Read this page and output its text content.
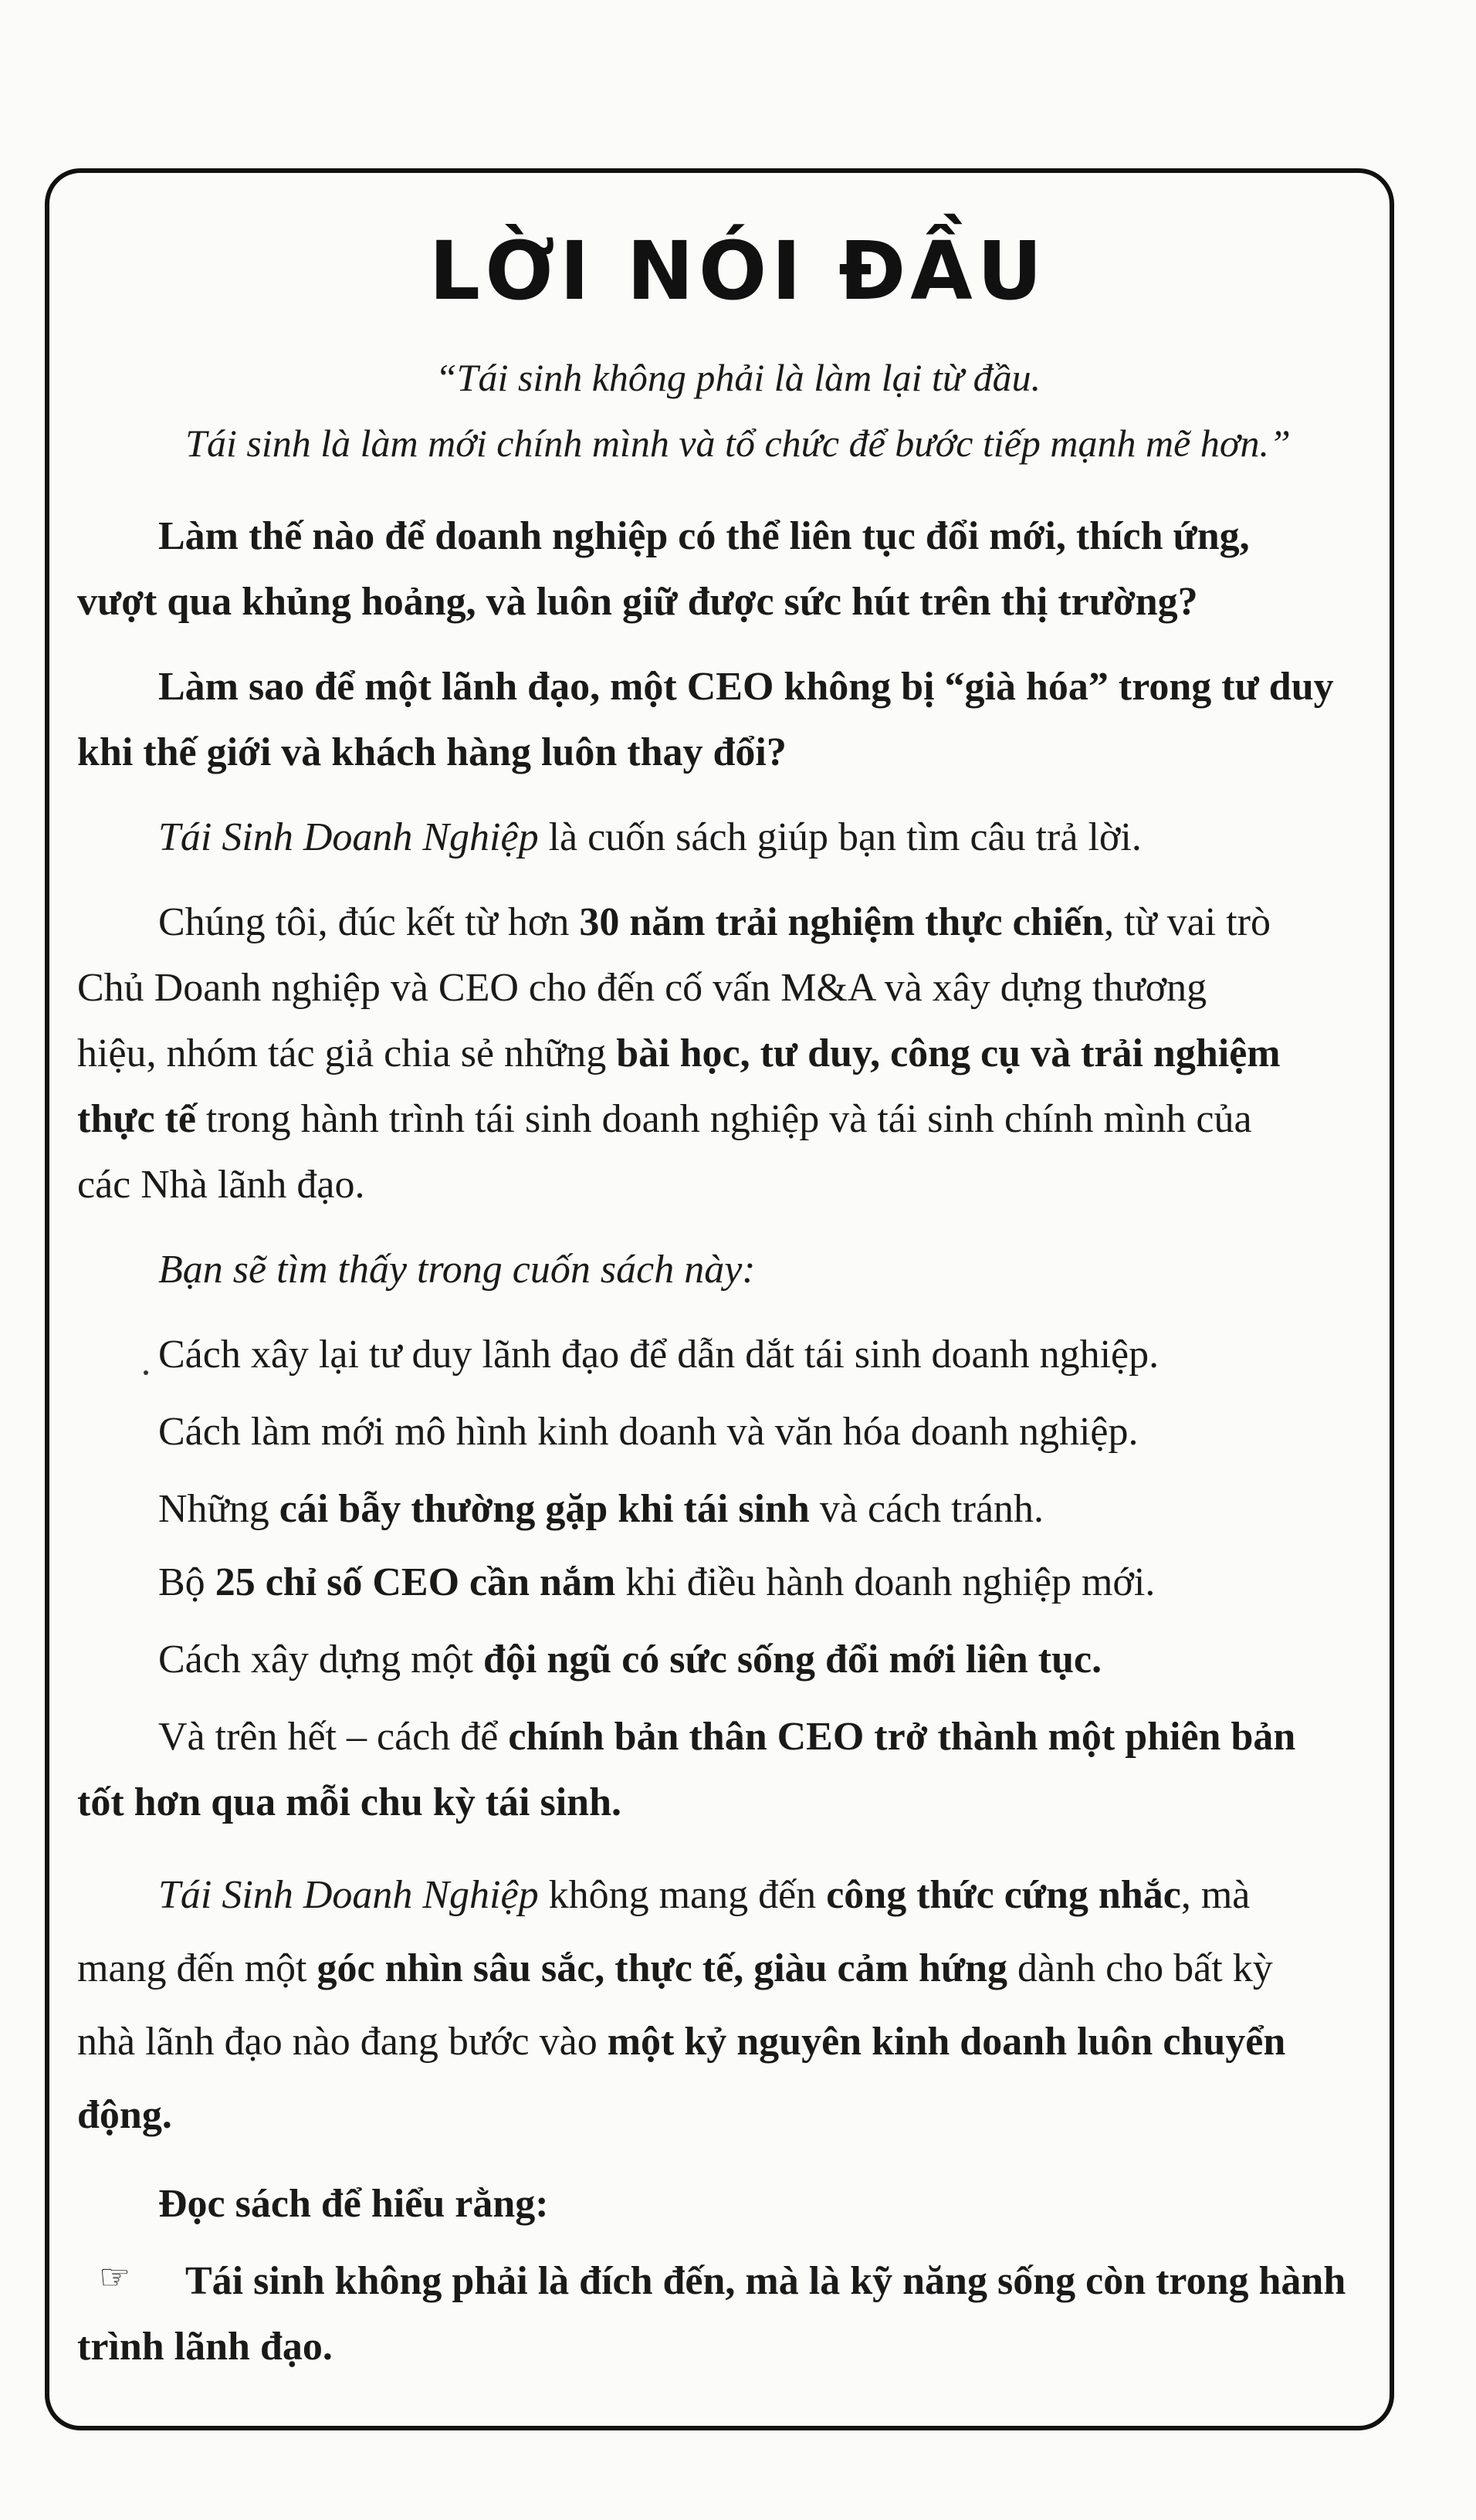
LỜI NÓI ĐẦU
“Tái sinh không phải là làm lại từ đầu.
Tái sinh là làm mới chính mình và tổ chức để bước tiếp mạnh mẽ hơn.”
Làm thế nào để doanh nghiệp có thể liên tục đổi mới, thích ứng,
vượt qua khủng hoảng, và luôn giữ được sức hút trên thị trường?
Làm sao để một lãnh đạo, một CEO không bị “già hóa” trong tư duy
khi thế giới và khách hàng luôn thay đổi?
Tái Sinh Doanh Nghiệp là cuốn sách giúp bạn tìm câu trả lời.
Chúng tôi, đúc kết từ hơn 30 năm trải nghiệm thực chiến, từ vai trò
Chủ Doanh nghiệp và CEO cho đến cố vấn M&A và xây dựng thương
hiệu, nhóm tác giả chia sẻ những bài học, tư duy, công cụ và trải nghiệm
thực tế trong hành trình tái sinh doanh nghiệp và tái sinh chính mình của
các Nhà lãnh đạo.
Bạn sẽ tìm thấy trong cuốn sách này:
Cách xây lại tư duy lãnh đạo để dẫn dắt tái sinh doanh nghiệp.
Cách làm mới mô hình kinh doanh và văn hóa doanh nghiệp.
Những cái bẫy thường gặp khi tái sinh và cách tránh.
Bộ 25 chỉ số CEO cần nắm khi điều hành doanh nghiệp mới.
Cách xây dựng một đội ngũ có sức sống đổi mới liên tục.
Và trên hết – cách để chính bản thân CEO trở thành một phiên bản
tốt hơn qua mỗi chu kỳ tái sinh.
Tái Sinh Doanh Nghiệp không mang đến công thức cứng nhắc, mà
mang đến một góc nhìn sâu sắc, thực tế, giàu cảm hứng dành cho bất kỳ
nhà lãnh đạo nào đang bước vào một kỷ nguyên kinh doanh luôn chuyển
động.
Đọc sách để hiểu rằng:
☞ Tái sinh không phải là đích đến, mà là kỹ năng sống còn trong hành
trình lãnh đạo.
